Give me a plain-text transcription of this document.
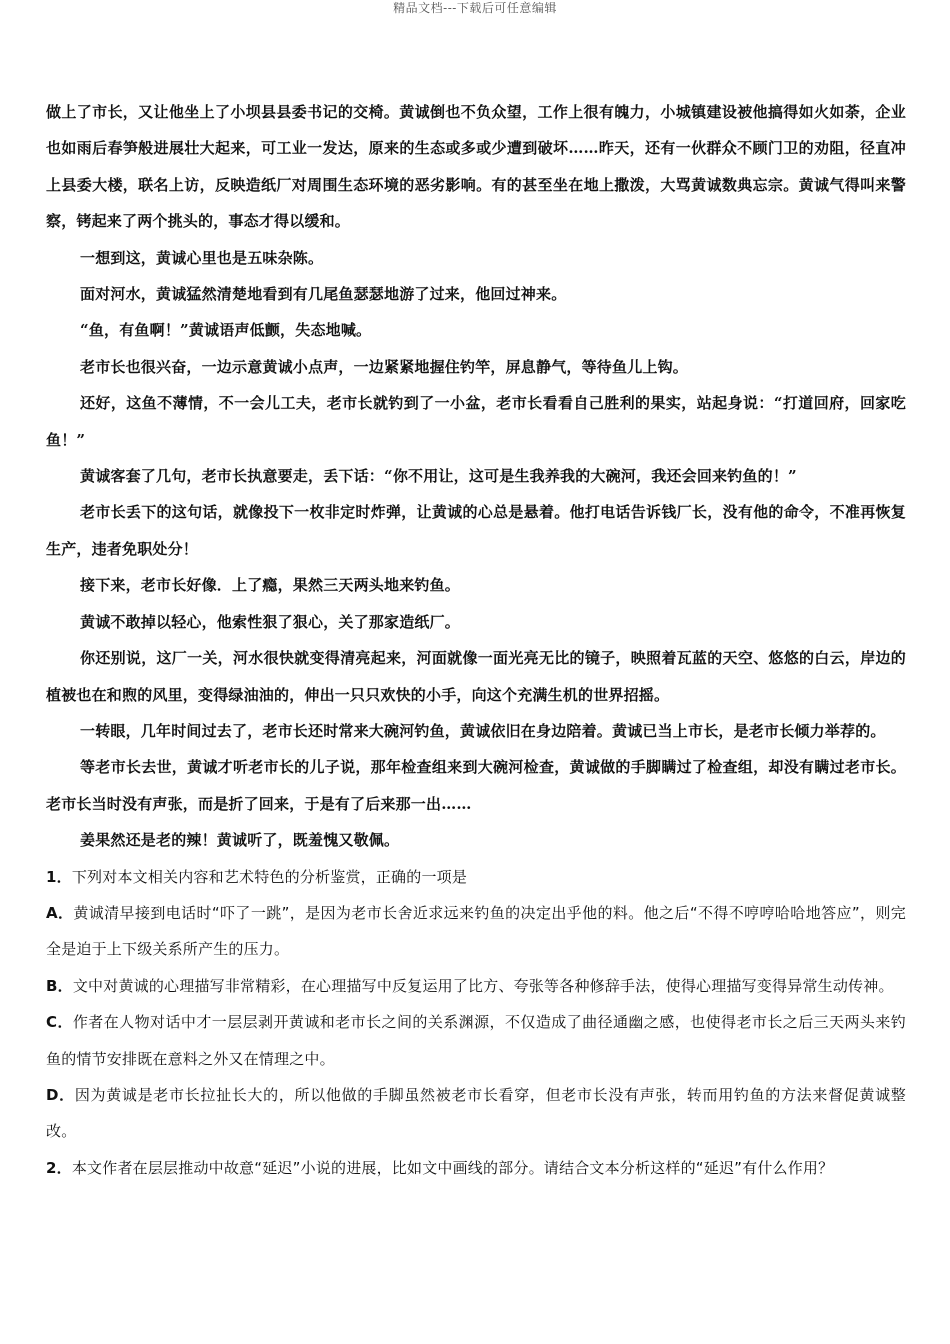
精品文档---下载后可任意编辑

做上了市长，又让他坐上了小坝县县委书记的交椅。黄诚倒也不负众望，工作上很有魄力，小城镇建设被他搞得如火如荼，企业也如雨后春笋般进展壮大起来，可工业一发达，原来的生态或多或少遭到破坏……昨天，还有一伙群众不顾门卫的劝阻，径直冲上县委大楼，联名上访，反映造纸厂对周围生态环境的恶劣影响。有的甚至坐在地上撒泼，大骂黄诚数典忘宗。黄诚气得叫来警察，铐起来了两个挑头的，事态才得以缓和。

一想到这，黄诚心里也是五味杂陈。

面对河水，黄诚猛然清楚地看到有几尾鱼瑟瑟地游了过来，他回过神来。

“鱼，有鱼啊！”黄诚语声低颤，失态地喊。

老市长也很兴奋，一边示意黄诚小点声，一边紧紧地握住钓竿，屏息静气，等待鱼儿上钩。

还好，这鱼不薄情，不一会儿工夫，老市长就钓到了一小盆，老市长看看自己胜利的果实，站起身说：“打道回府，回家吃鱼！”

黄诚客套了几句，老市长执意要走，丢下话：“你不用让，这可是生我养我的大碗河，我还会回来钓鱼的！”

老市长丢下的这句话，就像投下一枚非定时炸弹，让黄诚的心总是悬着。他打电话告诉钱厂长，没有他的命令，不准再恢复生产，违者免职处分！

接下来，老市长好像．上了瘾，果然三天两头地来钓鱼。

黄诚不敢掉以轻心，他索性狠了狠心，关了那家造纸厂。

你还别说，这厂一关，河水很快就变得清亮起来，河面就像一面光亮无比的镜子，映照着瓦蓝的天空、悠悠的白云，岸边的植被也在和煦的风里，变得绿油油的，伸出一只只欢快的小手，向这个充满生机的世界招摇。

一转眼，几年时间过去了，老市长还时常来大碗河钓鱼，黄诚依旧在身边陪着。黄诚已当上市长，是老市长倾力举荐的。

等老市长去世，黄诚才听老市长的儿子说，那年检查组来到大碗河检查，黄诚做的手脚瞒过了检查组，却没有瞒过老市长。老市长当时没有声张，而是折了回来，于是有了后来那一出……

姜果然还是老的辣！黄诚听了，既羞愧又敬佩。

1．下列对本文相关内容和艺术特色的分析鉴赏，正确的一项是

A．黄诚清早接到电话时“吓了一跳”，是因为老市长舍近求远来钓鱼的决定出乎他的料。他之后“不得不哼哼哈哈地答应”，则完全是迫于上下级关系所产生的压力。

B．文中对黄诚的心理描写非常精彩，在心理描写中反复运用了比方、夸张等各种修辞手法，使得心理描写变得异常生动传神。

C．作者在人物对话中才一层层剥开黄诚和老市长之间的关系渊源，不仅造成了曲径通幽之感，也使得老市长之后三天两头来钓鱼的情节安排既在意料之外又在情理之中。

D．因为黄诚是老市长拉扯长大的，所以他做的手脚虽然被老市长看穿，但老市长没有声张，转而用钓鱼的方法来督促黄诚整改。

2．本文作者在层层推动中故意“延迟”小说的进展，比如文中画线的部分。请结合文本分析这样的“延迟”有什么作用？
